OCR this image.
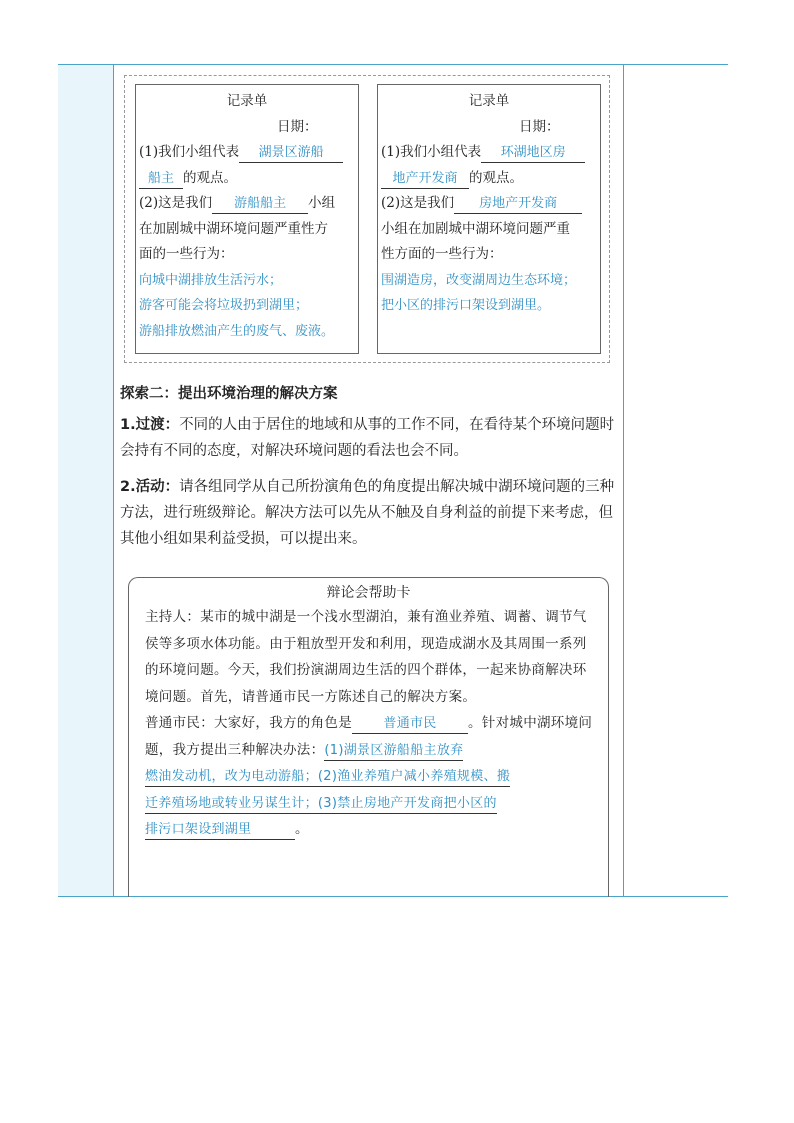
记录单
日期：
(1)我们小组代表 湖景区游船
船主 的观点。
(2)这是我们 游船船主 小组
在加剧城中湖环境问题严重性方
面的一些行为：
向城中湖排放生活污水；
游客可能会将垃圾扔到湖里；
游船排放燃油产生的废气、废液。
记录单
日期：
(1)我们小组代表 环湖地区房
地产开发商 的观点。
(2)这是我们 房地产开发商
小组在加剧城中湖环境问题严重
性方面的一些行为：
围湖造房，改变湖周边生态环境；
把小区的排污口架设到湖里。
探索二：提出环境治理的解决方案
1.过渡：不同的人由于居住的地域和从事的工作不同，在看待某个环境问题时会持有不同的态度，对解决环境问题的看法也会不同。
2.活动：请各组同学从自己所扮演角色的角度提出解决城中湖环境问题的三种方法，进行班级辩论。解决方法可以先从不触及自身利益的前提下来考虑，但其他小组如果利益受损，可以提出来。
辩论会帮助卡
主持人：某市的城中湖是一个浅水型湖泊，兼有渔业养殖、调蓄、调节气侯等多项水体功能。由于粗放型开发和利用，现造成湖水及其周围一系列的环境问题。今天，我们扮演湖周边生活的四个群体，一起来协商解决环境问题。首先，请普通市民一方陈述自己的解决方案。
普通市民：大家好，我方的角色是 普通市民 。针对城中湖环境问题，我方提出三种解决办法：(1)湖景区游船船主放弃
燃油发动机，改为电动游船；(2)渔业养殖户减小养殖规模、搬
迁养殖场地或转业另谋生计；(3)禁止房地产开发商把小区的
排污口架设到湖里	。
